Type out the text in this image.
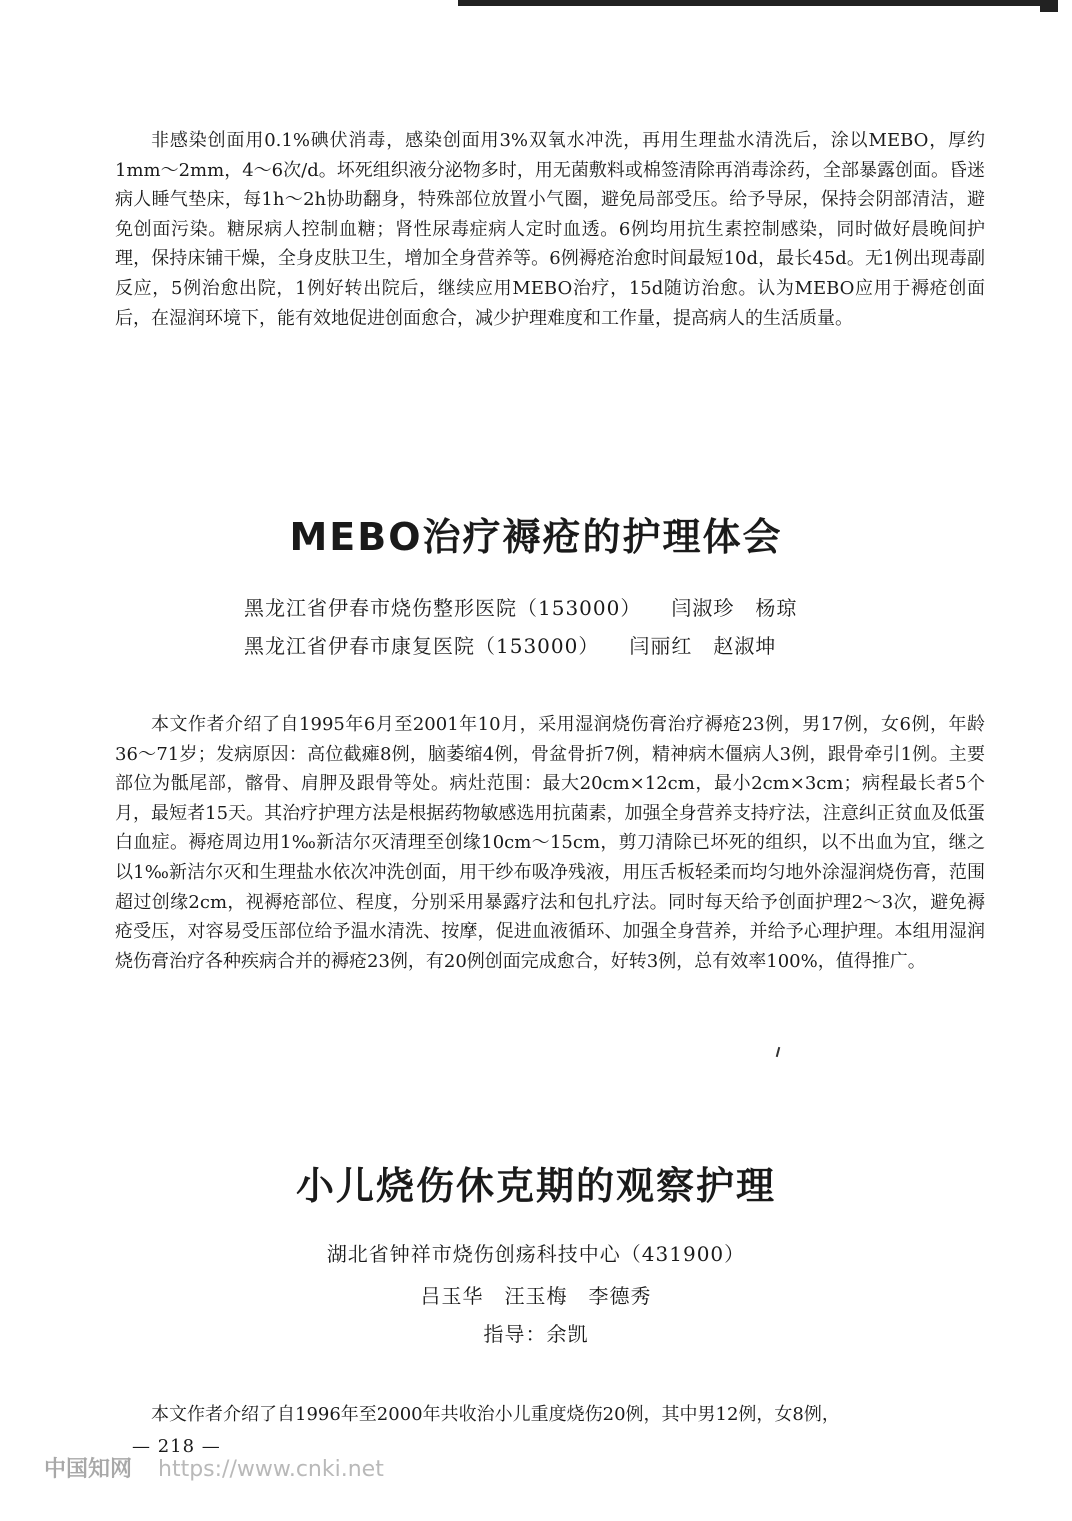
非感染创面用0.1%碘伏消毒，感染创面用3%双氧水冲洗，再用生理盐水清洗后，涂以MEBO，厚约1mm～2mm，4～6次/d。坏死组织液分泌物多时，用无菌敷料或棉签清除再消毒涂药，全部暴露创面。昏迷病人睡气垫床，每1h～2h协助翻身，特殊部位放置小气圈，避免局部受压。给予导尿，保持会阴部清洁，避免创面污染。糖尿病人控制血糖；肾性尿毒症病人定时血透。6例均用抗生素控制感染，同时做好晨晚间护理，保持床铺干燥，全身皮肤卫生，增加全身营养等。6例褥疮治愈时间最短10d，最长45d。无1例出现毒副反应，5例治愈出院，1例好转出院后，继续应用MEBO治疗，15d随访治愈。认为MEBO应用于褥疮创面后，在湿润环境下，能有效地促进创面愈合，减少护理难度和工作量，提高病人的生活质量。

MEBO治疗褥疮的护理体会
黑龙江省伊春市烧伤整形医院（153000） 闫淑珍　杨琼
黑龙江省伊春市康复医院（153000） 闫丽红　赵淑坤

本文作者介绍了自1995年6月至2001年10月，采用湿润烧伤膏治疗褥疮23例，男17例，女6例，年龄36～71岁；发病原因：高位截瘫8例，脑萎缩4例，骨盆骨折7例，精神病木僵病人3例，跟骨牵引1例。主要部位为骶尾部，髂骨、肩胛及跟骨等处。病灶范围：最大20cm×12cm，最小2cm×3cm；病程最长者5个月，最短者15天。其治疗护理方法是根据药物敏感选用抗菌素，加强全身营养支持疗法，注意纠正贫血及低蛋白血症。褥疮周边用1‰新洁尔灭清理至创缘10cm～15cm，剪刀清除已坏死的组织，以不出血为宜，继之以1‰新洁尔灭和生理盐水依次冲洗创面，用干纱布吸净残液，用压舌板轻柔而均匀地外涂湿润烧伤膏，范围超过创缘2cm，视褥疮部位、程度，分别采用暴露疗法和包扎疗法。同时每天给予创面护理2～3次，避免褥疮受压，对容易受压部位给予温水清洗、按摩，促进血液循环、加强全身营养，并给予心理护理。本组用湿润烧伤膏治疗各种疾病合并的褥疮23例，有20例创面完成愈合，好转3例，总有效率100%，值得推广。

小儿烧伤休克期的观察护理
湖北省钟祥市烧伤创疡科技中心（431900）
吕玉华　汪玉梅　李德秀
指导：余凯

本文作者介绍了自1996年至2000年共收治小儿重度烧伤20例，其中男12例，女8例，

— 218 —
中国知网 https://www.cnki.net
